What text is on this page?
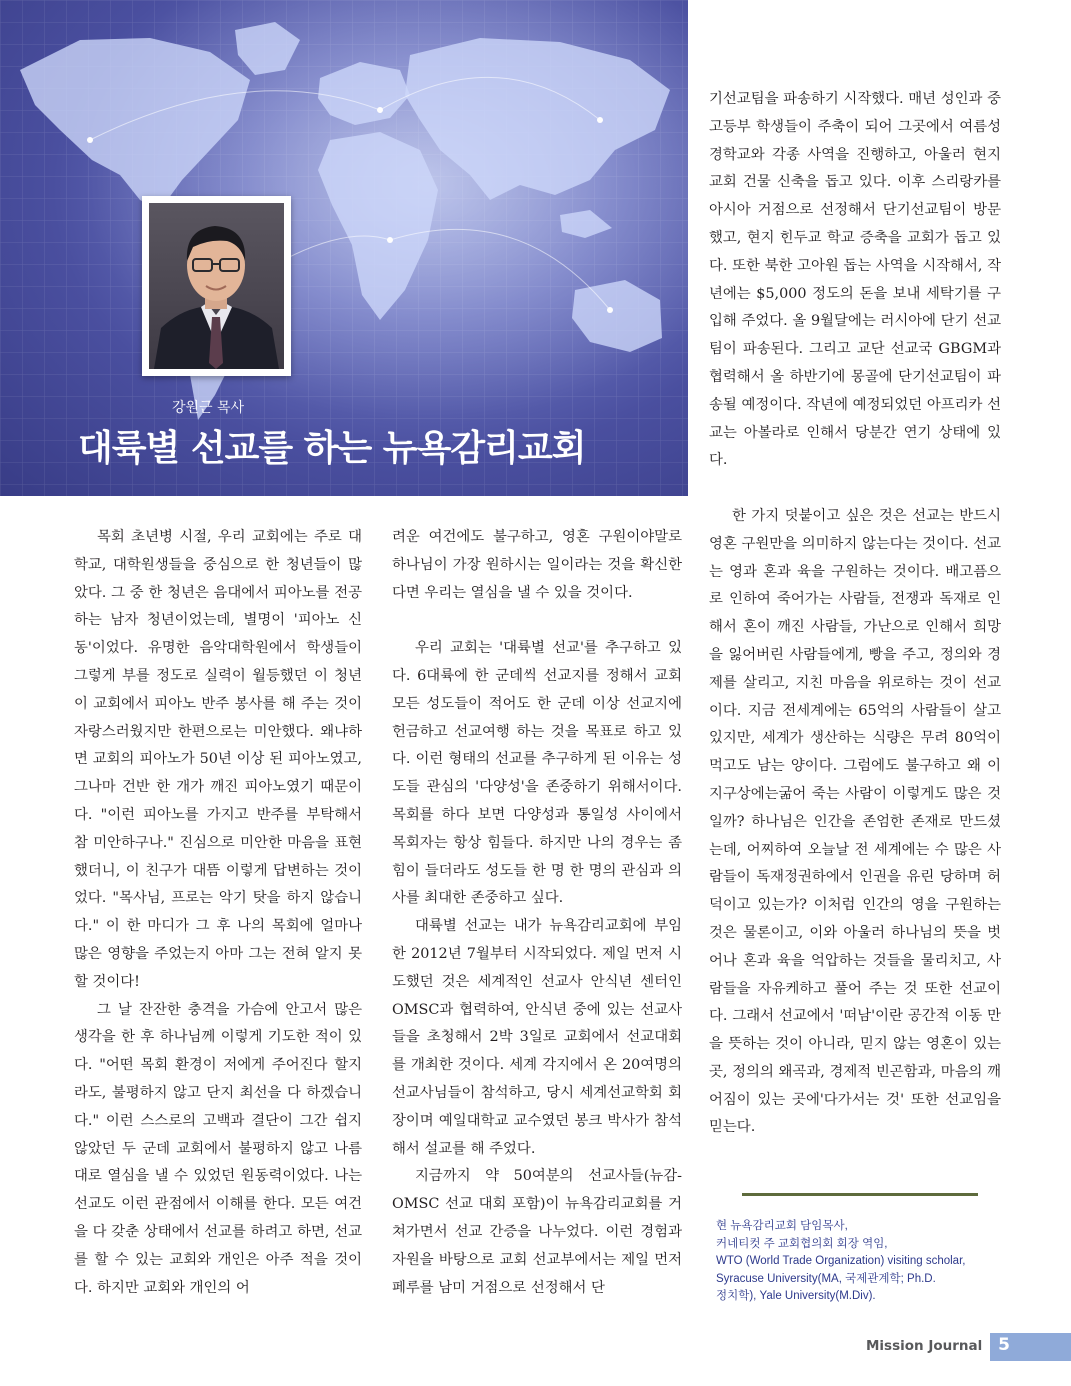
강원근 목사
대륙별 선교를 하는 뉴욕감리교회

목회 초년병 시절, 우리 교회에는 주로 대학교, 대학원생들을 중심으로 한 청년들이 많았다. 그 중 한 청년은 음대에서 피아노를 전공하는 남자 청년이었는데, 별명이 '피아노 신동'이었다. 유명한 음악대학원에서 학생들이 그렇게 부를 정도로 실력이 월등했던 이 청년이 교회에서 피아노 반주 봉사를 해 주는 것이 자랑스러웠지만 한편으로는 미안했다. 왜냐하면 교회의 피아노가 50년 이상 된 피아노였고, 그나마 건반 한 개가 깨진 피아노였기 때문이다. "이런 피아노를 가지고 반주를 부탁해서 참 미안하구나." 진심으로 미안한 마음을 표현했더니, 이 친구가 대뜸 이렇게 답변하는 것이었다. "목사님, 프로는 악기 탓을 하지 않습니다." 이 한 마디가 그 후 나의 목회에 얼마나 많은 영향을 주었는지 아마 그는 전혀 알지 못할 것이다!

그 날 잔잔한 충격을 가슴에 안고서 많은 생각을 한 후 하나님께 이렇게 기도한 적이 있다. "어떤 목회 환경이 저에게 주어진다 할지라도, 불평하지 않고 단지 최선을 다 하겠습니다." 이런 스스로의 고백과 결단이 그간 쉽지 않았던 두 군데 교회에서 불평하지 않고 나름대로 열심을 낼 수 있었던 원동력이었다. 나는 선교도 이런 관점에서 이해를 한다. 모든 여건을 다 갖춘 상태에서 선교를 하려고 하면, 선교를 할 수 있는 교회와 개인은 아주 적을 것이다. 하지만 교회와 개인의 어

려운 여건에도 불구하고, 영혼 구원이야말로 하나님이 가장 원하시는 일이라는 것을 확신한다면 우리는 열심을 낼 수 있을 것이다.

우리 교회는 '대륙별 선교'를 추구하고 있다. 6대륙에 한 군데씩 선교지를 정해서 교회 모든 성도들이 적어도 한 군데 이상 선교지에 헌금하고 선교여행 하는 것을 목표로 하고 있다. 이런 형태의 선교를 추구하게 된 이유는 성도들 관심의 '다양성'을 존중하기 위해서이다. 목회를 하다 보면 다양성과 통일성 사이에서 목회자는 항상 힘들다. 하지만 나의 경우는 좀 힘이 들더라도 성도들 한 명 한 명의 관심과 의사를 최대한 존중하고 싶다.

대륙별 선교는 내가 뉴욕감리교회에 부임한 2012년 7월부터 시작되었다. 제일 먼저 시도했던 것은 세계적인 선교사 안식년 센터인 OMSC과 협력하여, 안식년 중에 있는 선교사들을 초청해서 2박 3일로 교회에서 선교대회를 개최한 것이다. 세계 각지에서 온 20여명의 선교사님들이 참석하고, 당시 세계선교학회 회장이며 예일대학교 교수였던 봉크 박사가 참석해서 설교를 해 주었다.

지금까지 약 50여분의 선교사들(뉴감-OMSC 선교 대회 포함)이 뉴욕감리교회를 거쳐가면서 선교 간증을 나누었다. 이런 경험과 자원을 바탕으로 교회 선교부에서는 제일 먼저 페루를 남미 거점으로 선정해서 단

기선교팀을 파송하기 시작했다. 매년 성인과 중고등부 학생들이 주축이 되어 그곳에서 여름성경학교와 각종 사역을 진행하고, 아울러 현지 교회 건물 신축을 돕고 있다. 이후 스리랑카를 아시아 거점으로 선정해서 단기선교팀이 방문했고, 현지 힌두교 학교 증축을 교회가 돕고 있다. 또한 북한 고아원 돕는 사역을 시작해서, 작년에는 $5,000 정도의 돈을 보내 세탁기를 구입해 주었다. 올 9월달에는 러시아에 단기 선교팀이 파송된다. 그리고 교단 선교국 GBGM과 협력해서 올 하반기에 몽골에 단기선교팀이 파송될 예정이다. 작년에 예정되었던 아프리카 선교는 아볼라로 인해서 당분간 연기 상태에 있다.

한 가지 덧붙이고 싶은 것은 선교는 반드시 영혼 구원만을 의미하지 않는다는 것이다. 선교는 영과 혼과 육을 구원하는 것이다. 배고픔으로 인하여 죽어가는 사람들, 전쟁과 독재로 인해서 혼이 깨진 사람들, 가난으로 인해서 희망을 잃어버린 사람들에게, 빵을 주고, 정의와 경제를 살리고, 지친 마음을 위로하는 것이 선교이다. 지금 전세계에는 65억의 사람들이 살고 있지만, 세계가 생산하는 식량은 무려 80억이 먹고도 남는 양이다. 그럼에도 불구하고 왜 이 지구상에는굶어 죽는 사람이 이렇게도 많은 것일까? 하나님은 인간을 존엄한 존재로 만드셨는데, 어찌하여 오늘날 전 세계에는 수 많은 사람들이 독재정권하에서 인권을 유린 당하며 허덕이고 있는가? 이처럼 인간의 영을 구원하는 것은 물론이고, 이와 아울러 하나님의 뜻을 벗어나 혼과 육을 억압하는 것들을 물리치고, 사람들을 자유케하고 풀어 주는 것 또한 선교이다. 그래서 선교에서 '떠남'이란 공간적 이동 만을 뜻하는 것이 아니라, 믿지 않는 영혼이 있는 곳, 정의의 왜곡과, 경제적 빈곤함과, 마음의 깨어짐이 있는 곳에'다가서는 것' 또한 선교임을 믿는다.

현 뉴욕감리교회 담임목사,
커네티컷 주 교회협의회 회장 역임,
WTO (World Trade Organization) visiting scholar,
Syracuse University(MA, 국제관계학; Ph.D.
정치학), Yale University(M.Div).
Mission Journal 5
